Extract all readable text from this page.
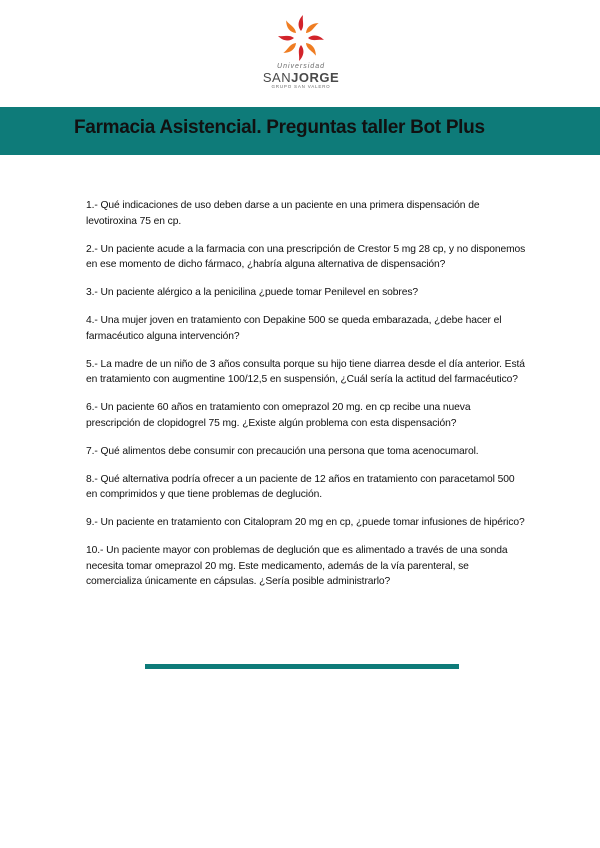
Universidad
SANJORGE
GRUPO SAN VALERO
Farmacia Asistencial. Preguntas taller Bot Plus
1.- Qué indicaciones de uso deben darse a un paciente en una primera dispensación de levotiroxina 75 en cp.
2.- Un paciente acude a la farmacia con una prescripción de Crestor 5 mg 28 cp, y no disponemos en ese momento de dicho fármaco, ¿habría alguna alternativa de dispensación?
3.- Un paciente alérgico a la penicilina ¿puede tomar Penilevel en sobres?
4.- Una mujer joven en tratamiento con Depakine 500 se queda embarazada, ¿debe hacer el farmacéutico alguna intervención?
5.- La madre de un niño de 3 años consulta porque su hijo tiene diarrea desde el día anterior. Está en tratamiento con augmentine 100/12,5 en suspensión, ¿Cuál sería la actitud del farmacéutico?
6.- Un paciente 60 años en tratamiento con omeprazol 20 mg. en cp recibe una nueva prescripción de clopidogrel 75 mg. ¿Existe algún problema con esta dispensación?
7.- Qué alimentos debe consumir con precaución una persona que toma acenocumarol.
8.- Qué alternativa podría ofrecer a un paciente de 12 años en tratamiento con paracetamol 500 en comprimidos y que tiene problemas de deglución.
9.- Un paciente en tratamiento con Citalopram 20 mg en cp, ¿puede tomar infusiones de hipérico?
10.- Un paciente mayor con problemas de deglución que es alimentado a través de una sonda necesita tomar omeprazol 20 mg. Este medicamento, además de la vía parenteral, se comercializa únicamente en cápsulas. ¿Sería posible administrarlo?
